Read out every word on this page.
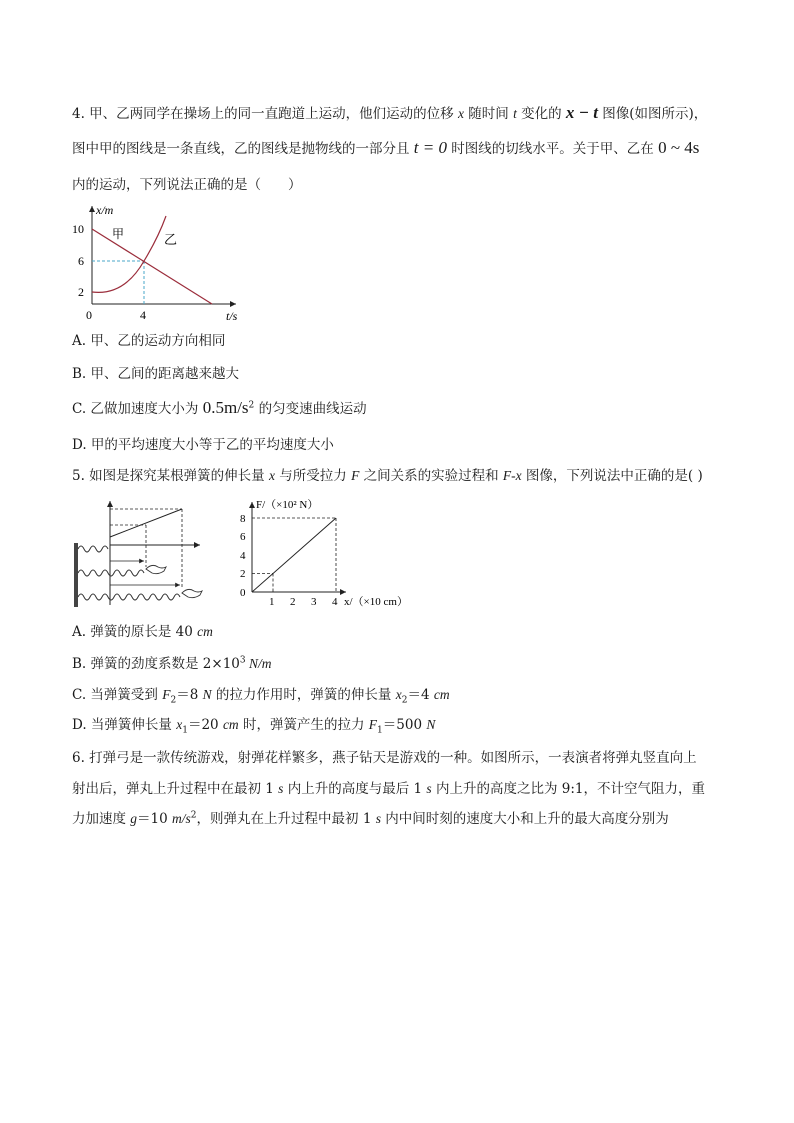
4. 甲、乙两同学在操场上的同一直跑道上运动，他们运动的位移 x 随时间 t 变化的 x − t 图像(如图所示)，
图中甲的图线是一条直线，乙的图线是抛物线的一部分且 t = 0 时图线的切线水平。关于甲、乙在 0 ~ 4s
内的运动，下列说法正确的是（　　）
x/m
t/s
10
6
2
0	4
甲	乙
A. 甲、乙的运动方向相同
B. 甲、乙间的距离越来越大
C. 乙做加速度大小为 $0.5m/s^2$ 的匀变速曲线运动
D. 甲的平均速度大小等于乙的平均速度大小
5. 如图是探究某根弹簧的伸长量 x 与所受拉力 F 之间关系的实验过程和 F-x 图像，下列说法中正确的是( )
F/（×10² N）
x/（×10 cm）
8
6
4
2
0
1 2 3 4
A. 弹簧的原长是 40 cm
B. 弹簧的劲度系数是 $2\times 10^3$ N/m
C. 当弹簧受到 $F_2=8$ N 的拉力作用时，弹簧的伸长量 $x_2=4$ cm
D. 当弹簧伸长量 $x_1=20$ cm 时，弹簧产生的拉力 $F_1=500$ N
6. 打弹弓是一款传统游戏，射弹花样繁多，燕子钻天是游戏的一种。如图所示，一表演者将弹丸竖直向上
射出后，弹丸上升过程中在最初 1 s 内上升的高度与最后 1 s 内上升的高度之比为 9:1，不计空气阻力，重
力加速度 g＝10 $m/s^2$，则弹丸在上升过程中最初 1 s 内中间时刻的速度大小和上升的最大高度分别为
